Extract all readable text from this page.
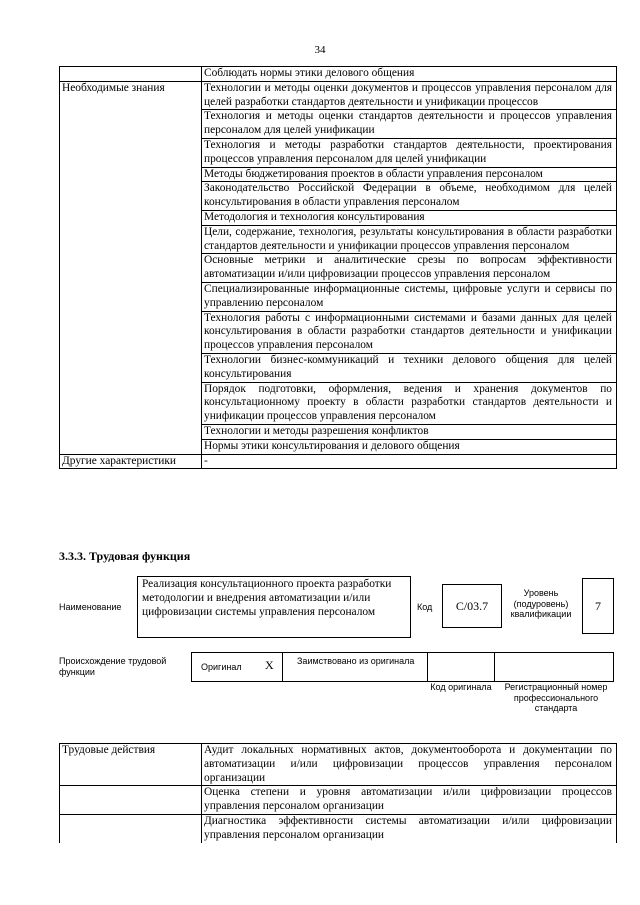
34
	Соблюдать нормы этики делового общения
Необходимые знания	Технологии и методы оценки документов и процессов управления персоналом для целей разработки стандартов деятельности и унификации процессов
	Технология и методы оценки стандартов деятельности и процессов управления персоналом для целей унификации
	Технология и методы разработки стандартов деятельности, проектирования процессов управления персоналом для целей унификации
	Методы бюджетирования проектов в области управления персоналом
	Законодательство Российской Федерации в объеме, необходимом для целей консультирования в области управления персоналом
	Методология и технология консультирования
	Цели, содержание, технология, результаты консультирования в области разработки стандартов деятельности и унификации процессов управления персоналом
	Основные метрики и аналитические срезы по вопросам эффективности автоматизации и/или цифровизации процессов управления персоналом
	Специализированные информационные системы, цифровые услуги и сервисы по управлению персоналом
	Технология работы с информационными системами и базами данных для целей консультирования в области разработки стандартов деятельности и унификации процессов управления персоналом
	Технологии бизнес-коммуникаций и техники делового общения для целей консультирования
	Порядок подготовки, оформления, ведения и хранения документов по консультационному проекту в области разработки стандартов деятельности и унификации процессов управления персоналом
	Технологии и методы разрешения конфликтов
	Нормы этики консультирования и делового общения
Другие характеристики	-
3.3.3. Трудовая функция
Наименование
Реализация консультационного проекта разработки методологии и внедрения автоматизации и/или цифровизации системы управления персоналом	Код	C/03.7
Уровень (подуровень) квалификации
7
Происхождение трудовой функции	Оригинал X	Заимствовано из оригинала
Код оригинала	Регистрационный номер профессионального стандарта
Трудовые действия	Аудит локальных нормативных актов, документооборота и документации по автоматизации и/или цифровизации процессов управления персоналом организации
	Оценка степени и уровня автоматизации и/или цифровизации процессов управления персоналом организации
	Диагностика эффективности системы автоматизации и/или цифровизации управления персоналом организации
